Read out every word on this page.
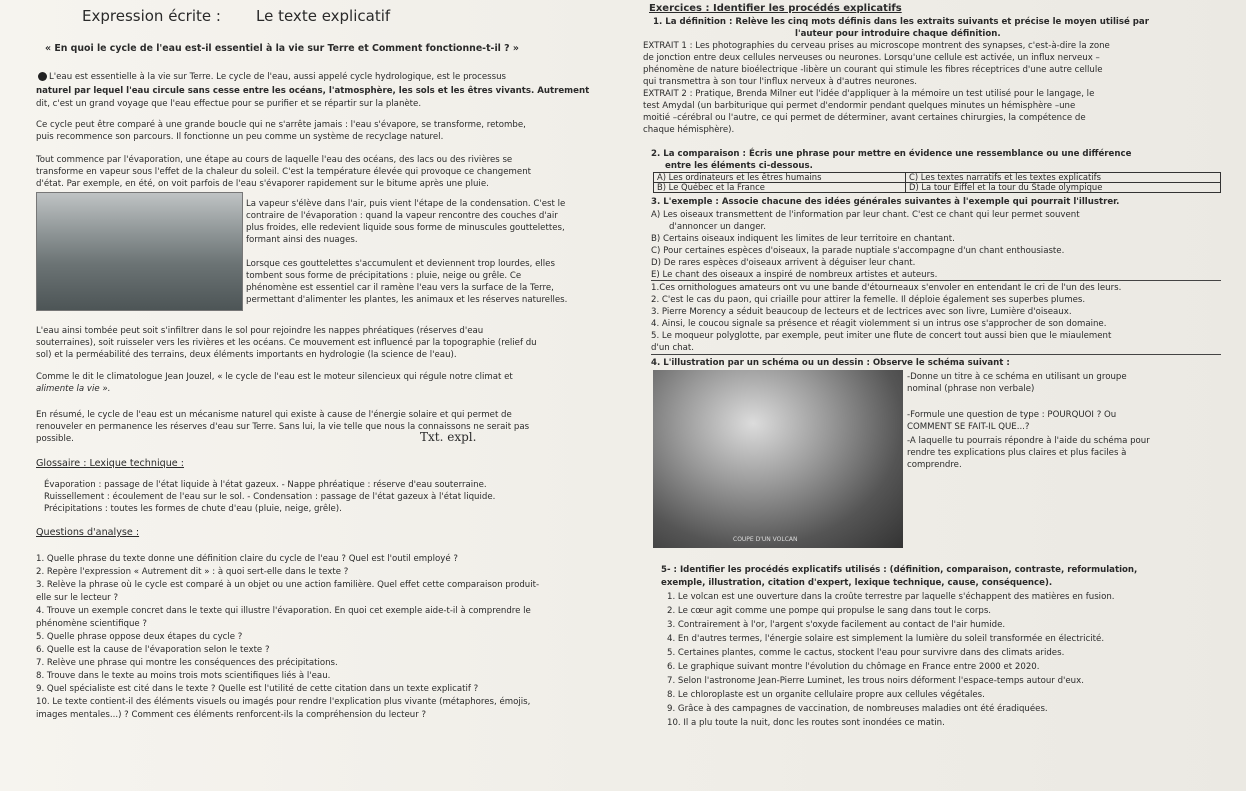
Expression écrite : Le texte explicatif
« En quoi le cycle de l'eau est-il essentiel à la vie sur Terre et Comment fonctionne-t-il ? »
L'eau est essentielle à la vie sur Terre. Le cycle de l'eau, aussi appelé cycle hydrologique, est le processus
naturel par lequel l'eau circule sans cesse entre les océans, l'atmosphère, les sols et les êtres vivants. Autrement
dit, c'est un grand voyage que l'eau effectue pour se purifier et se répartir sur la planète.
Ce cycle peut être comparé à une grande boucle qui ne s'arrête jamais : l'eau s'évapore, se transforme, retombe,
puis recommence son parcours. Il fonctionne un peu comme un système de recyclage naturel.
Tout commence par l'évaporation, une étape au cours de laquelle l'eau des océans, des lacs ou des rivières se
transforme en vapeur sous l'effet de la chaleur du soleil. C'est la température élevée qui provoque ce changement
d'état. Par exemple, en été, on voit parfois de l'eau s'évaporer rapidement sur le bitume après une pluie.
La vapeur s'élève dans l'air, puis vient l'étape de la condensation. C'est le
contraire de l'évaporation : quand la vapeur rencontre des couches d'air
plus froides, elle redevient liquide sous forme de minuscules gouttelettes,
formant ainsi des nuages.
Lorsque ces gouttelettes s'accumulent et deviennent trop lourdes, elles
tombent sous forme de précipitations : pluie, neige ou grêle. Ce
phénomène est essentiel car il ramène l'eau vers la surface de la Terre,
permettant d'alimenter les plantes, les animaux et les réserves naturelles.
L'eau ainsi tombée peut soit s'infiltrer dans le sol pour rejoindre les nappes phréatiques (réserves d'eau
souterraines), soit ruisseler vers les rivières et les océans. Ce mouvement est influencé par la topographie (relief du
sol) et la perméabilité des terrains, deux éléments importants en hydrologie (la science de l'eau).
Comme le dit le climatologue Jean Jouzel, « le cycle de l'eau est le moteur silencieux qui régule notre climat et
alimente la vie ».
En résumé, le cycle de l'eau est un mécanisme naturel qui existe à cause de l'énergie solaire et qui permet de
renouveler en permanence les réserves d'eau sur Terre. Sans lui, la vie telle que nous la connaissons ne serait pas
possible.	Txt. expl.
Glossaire : Lexique technique :
Évaporation : passage de l'état liquide à l'état gazeux. - Nappe phréatique : réserve d'eau souterraine.
Ruissellement : écoulement de l'eau sur le sol. - Condensation : passage de l'état gazeux à l'état liquide.
Précipitations : toutes les formes de chute d'eau (pluie, neige, grêle).
Questions d'analyse :
1. Quelle phrase du texte donne une définition claire du cycle de l'eau ? Quel est l'outil employé ?
2. Repère l'expression « Autrement dit » : à quoi sert-elle dans le texte ?
3. Relève la phrase où le cycle est comparé à un objet ou une action familière. Quel effet cette comparaison produit-
elle sur le lecteur ?
4. Trouve un exemple concret dans le texte qui illustre l'évaporation. En quoi cet exemple aide-t-il à comprendre le
phénomène scientifique ?
5. Quelle phrase oppose deux étapes du cycle ?
6. Quelle est la cause de l'évaporation selon le texte ?
7. Relève une phrase qui montre les conséquences des précipitations.
8. Trouve dans le texte au moins trois mots scientifiques liés à l'eau.
9. Quel spécialiste est cité dans le texte ? Quelle est l'utilité de cette citation dans un texte explicatif ?
10. Le texte contient-il des éléments visuels ou imagés pour rendre l'explication plus vivante (métaphores, émojis,
images mentales...) ? Comment ces éléments renforcent-ils la compréhension du lecteur ?
Exercices : Identifier les procédés explicatifs
1. La définition : Relève les cinq mots définis dans les extraits suivants et précise le moyen utilisé par
l'auteur pour introduire chaque définition.
EXTRAIT 1 : Les photographies du cerveau prises au microscope montrent des synapses, c'est-à-dire la zone
de jonction entre deux cellules nerveuses ou neurones. Lorsqu'une cellule est activée, un influx nerveux –
phénomène de nature bioélectrique -libère un courant qui stimule les fibres réceptrices d'une autre cellule
qui transmettra à son tour l'influx nerveux à d'autres neurones.
EXTRAIT 2 : Pratique, Brenda Milner eut l'idée d'appliquer à la mémoire un test utilisé pour le langage, le
test Amydal (un barbiturique qui permet d'endormir pendant quelques minutes un hémisphère –une
moitié –cérébral ou l'autre, ce qui permet de déterminer, avant certaines chirurgies, la compétence de
chaque hémisphère).
2. La comparaison : Écris une phrase pour mettre en évidence une ressemblance ou une différence
entre les éléments ci-dessous.
A) Les ordinateurs et les êtres humains	C) Les textes narratifs et les textes explicatifs
B) Le Québec et la France	D) La tour Eiffel et la tour du Stade olympique
3. L'exemple : Associe chacune des idées générales suivantes à l'exemple qui pourrait l'illustrer.
A) Les oiseaux transmettent de l'information par leur chant. C'est ce chant qui leur permet souvent
d'annoncer un danger.
B) Certains oiseaux indiquent les limites de leur territoire en chantant.
C) Pour certaines espèces d'oiseaux, la parade nuptiale s'accompagne d'un chant enthousiaste.
D) De rares espèces d'oiseaux arrivent à déguiser leur chant.
E) Le chant des oiseaux a inspiré de nombreux artistes et auteurs.
1.Ces ornithologues amateurs ont vu une bande d'étourneaux s'envoler en entendant le cri de l'un des leurs.
2. C'est le cas du paon, qui criaille pour attirer la femelle. Il déploie également ses superbes plumes.
3. Pierre Morency a séduit beaucoup de lecteurs et de lectrices avec son livre, Lumière d'oiseaux.
4. Ainsi, le coucou signale sa présence et réagit violemment si un intrus ose s'approcher de son domaine.
5. Le moqueur polyglotte, par exemple, peut imiter une flute de concert tout aussi bien que le miaulement
d'un chat.
4. L'illustration par un schéma ou un dessin : Observe le schéma suivant :
COUPE D'UN VOLCAN
-Donne un titre à ce schéma en utilisant un groupe
nominal (phrase non verbale)
-Formule une question de type : POURQUOI ? Ou
COMMENT SE FAIT-IL QUE...?
-A laquelle tu pourrais répondre à l'aide du schéma pour
rendre tes explications plus claires et plus faciles à
comprendre.
5- : Identifier les procédés explicatifs utilisés : (définition, comparaison, contraste, reformulation,
exemple, illustration, citation d'expert, lexique technique, cause, conséquence).
1. Le volcan est une ouverture dans la croûte terrestre par laquelle s'échappent des matières en fusion.
2. Le cœur agit comme une pompe qui propulse le sang dans tout le corps.
3. Contrairement à l'or, l'argent s'oxyde facilement au contact de l'air humide.
4. En d'autres termes, l'énergie solaire est simplement la lumière du soleil transformée en électricité.
5. Certaines plantes, comme le cactus, stockent l'eau pour survivre dans des climats arides.
6. Le graphique suivant montre l'évolution du chômage en France entre 2000 et 2020.
7. Selon l'astronome Jean-Pierre Luminet, les trous noirs déforment l'espace-temps autour d'eux.
8. Le chloroplaste est un organite cellulaire propre aux cellules végétales.
9. Grâce à des campagnes de vaccination, de nombreuses maladies ont été éradiquées.
10. Il a plu toute la nuit, donc les routes sont inondées ce matin.
